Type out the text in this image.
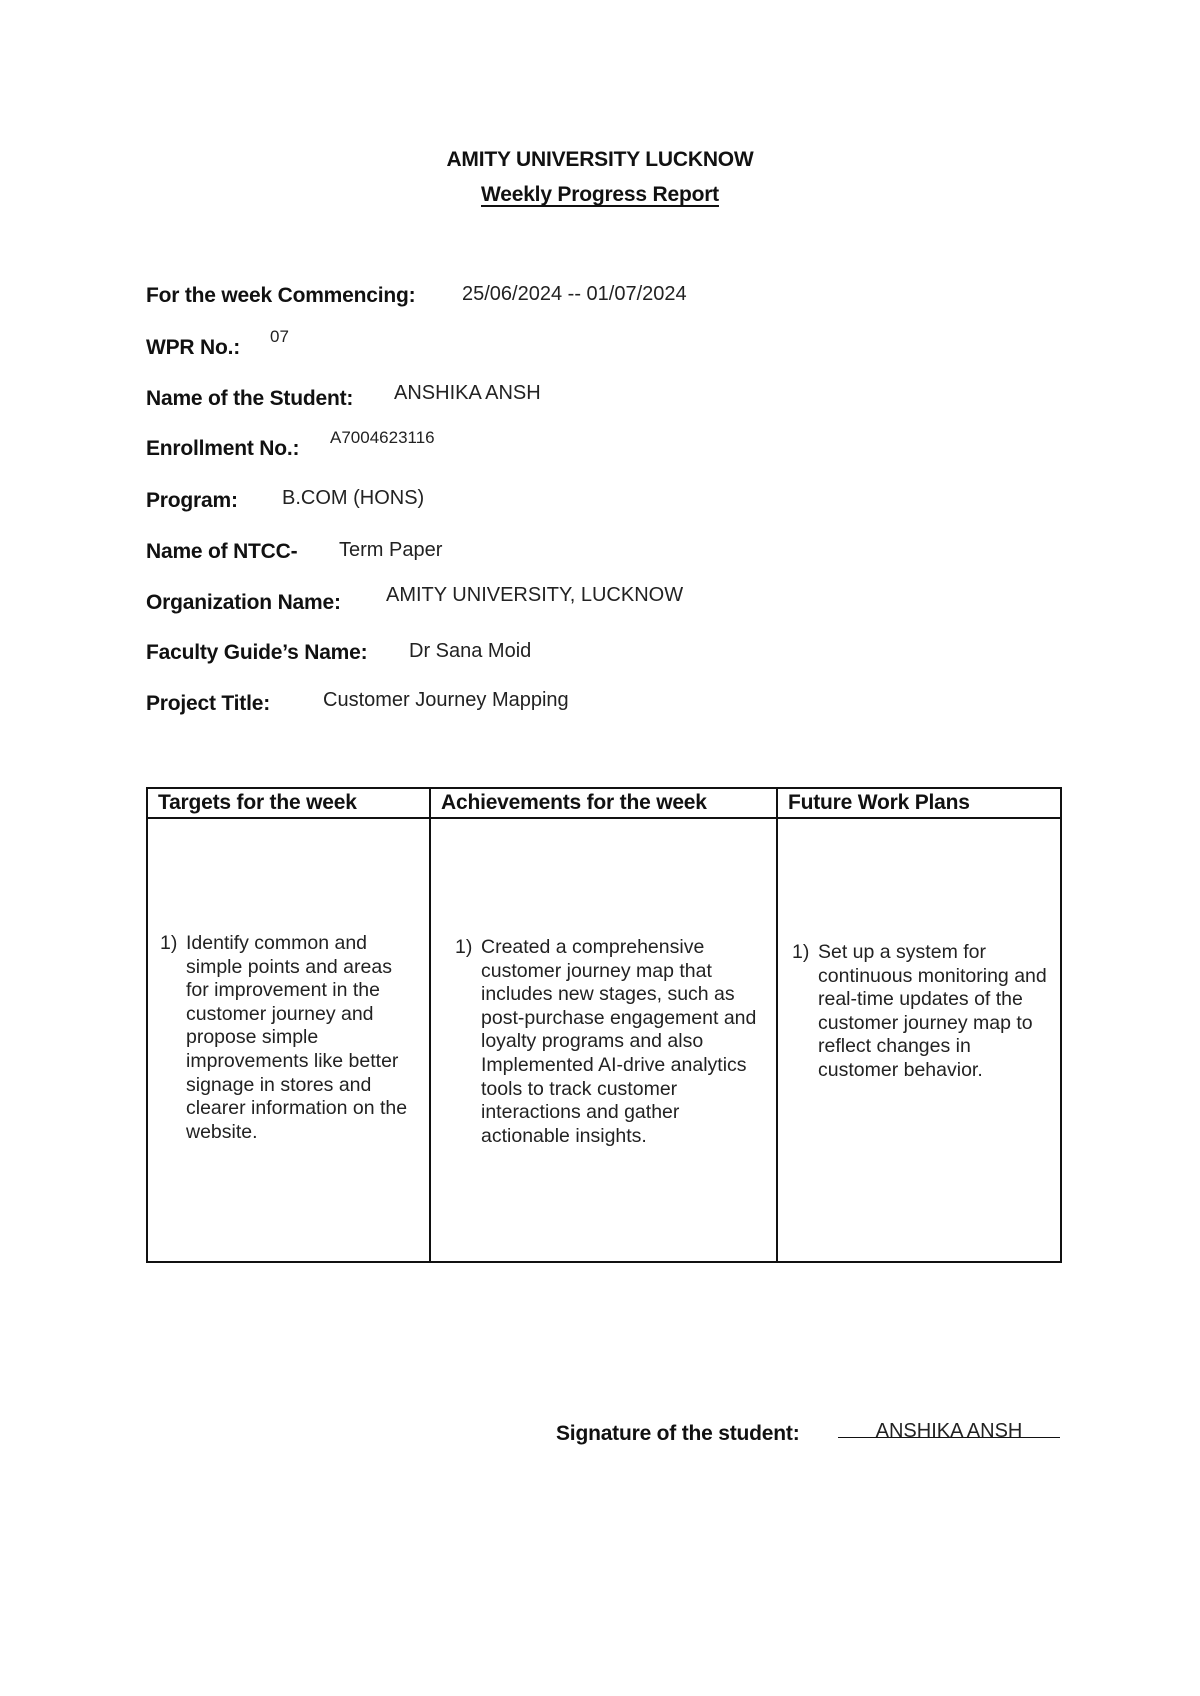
AMITY UNIVERSITY LUCKNOW
Weekly Progress Report
For the week Commencing: 25/06/2024 -- 01/07/2024
WPR No.: 07
Name of the Student: ANSHIKA ANSH
Enrollment No.: A7004623116
Program: B.COM (HONS)
Name of NTCC- Term Paper
Organization Name: AMITY UNIVERSITY, LUCKNOW
Faculty Guide’s Name: Dr Sana Moid
Project Title:	Customer Journey Mapping
Targets for the week	Achievements for the week	Future Work Plans

1) Identify common and simple points and areas for improvement in the customer journey and propose simple improvements like better signage in stores and clearer information on the website.	1) Created a comprehensive customer journey map that includes new stages, such as post-purchase engagement and loyalty programs and also Implemented AI-drive analytics tools to track customer interactions and gather actionable insights.	1) Set up a system for continuous monitoring and real-time updates of the customer journey map to reflect changes in customer behavior.
Signature of the student:	ANSHIKA ANSH
